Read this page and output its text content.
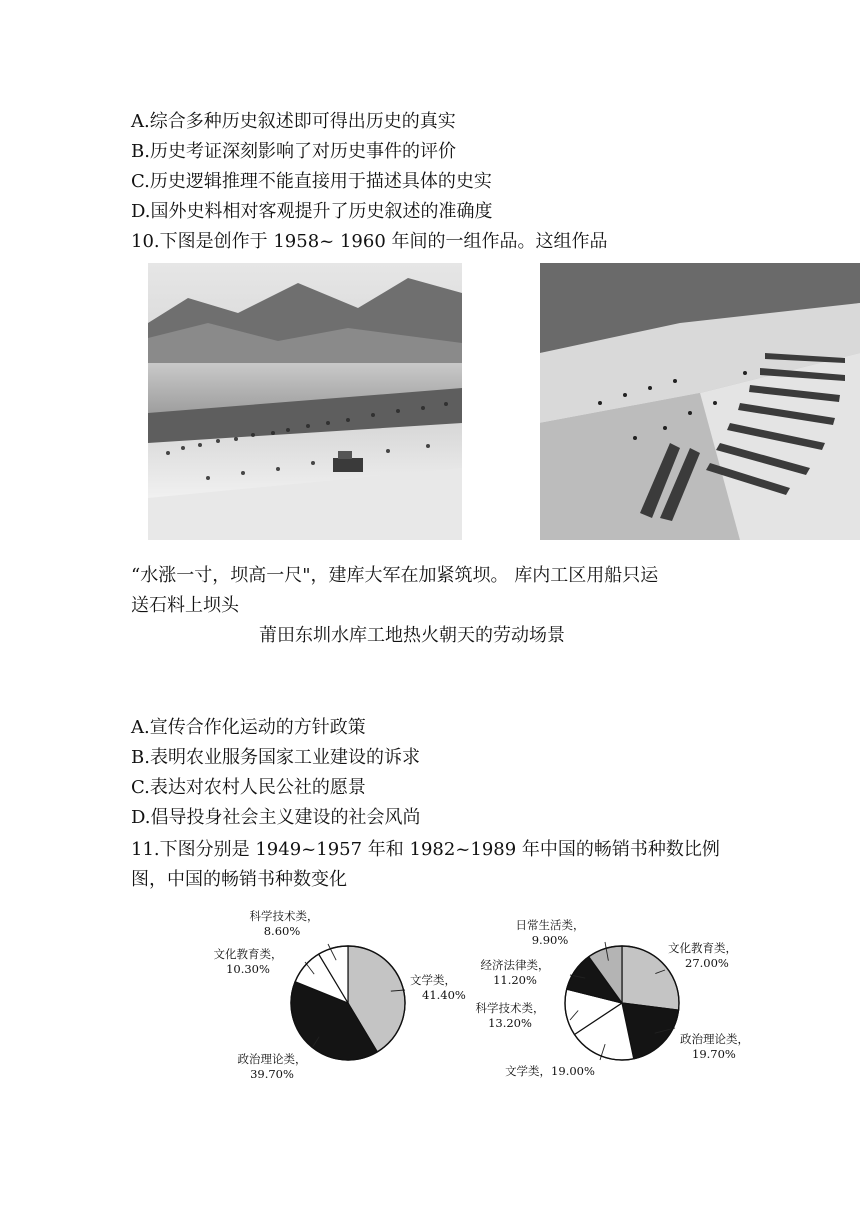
A.综合多种历史叙述即可得出历史的真实
B.历史考证深刻影响了对历史事件的评价
C.历史逻辑推理不能直接用于描述具体的史实
D.国外史料相对客观提升了历史叙述的准确度
10.下图是创作于 1958~ 1960 年间的一组作品。这组作品
“水涨一寸，坝高一尺"，建库大军在加紧筑坝。 库内工区用船只运
送石料上坝头
莆田东圳水库工地热火朝天的劳动场景
A.宣传合作化运动的方针政策
B.表明农业服务国家工业建设的诉求
C.表达对农村人民公社的愿景
D.倡导投身社会主义建设的社会风尚
11.下图分别是 1949~1957 年和 1982~1989 年中国的畅销书种数比例
图，中国的畅销书种数变化
文学类，
41.40%
政治理论类，
39.70%
文化教育类，
10.30%
科学技术类，
8.60%
文化教育类，
27.00%
政治理论类，
19.70%
文学类，19.00%
科学技术类，
13.20%
经济法律类，
11.20%
日常生活类，
9.90%
